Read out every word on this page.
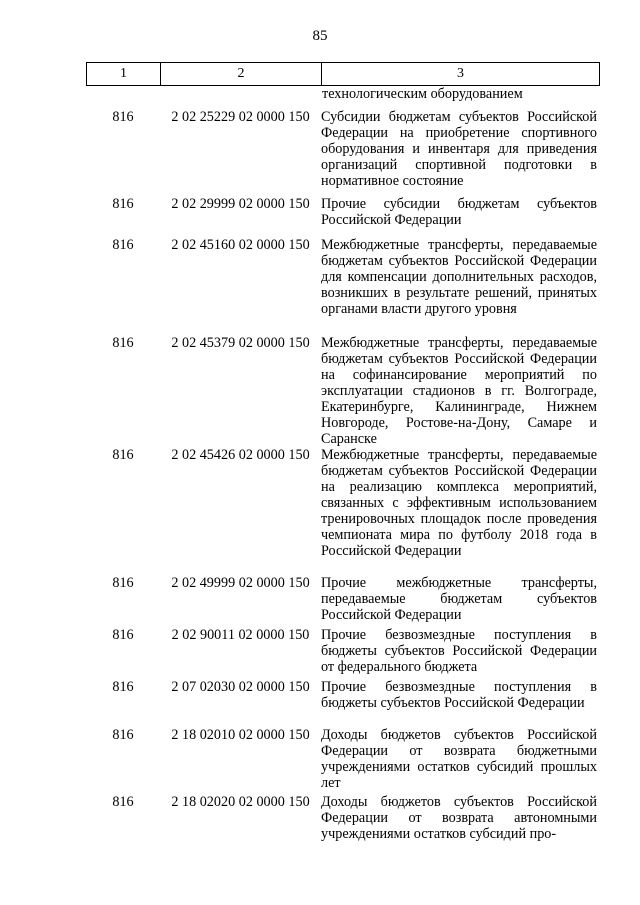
85
1	2	3
технологическим оборудованием
816	2 02 25229 02 0000 150 Субсидии бюджетам субъектов Российской Федерации на приобретение спортивного оборудования и инвентаря для приведения организаций спортивной подготовки в нормативное состояние
816	2 02 29999 02 0000 150 Прочие субсидии бюджетам субъектов Российской Федерации
816	2 02 45160 02 0000 150 Межбюджетные трансферты, передаваемые бюджетам субъектов Российской Федерации для компенсации дополнительных расходов, возникших в результате решений, принятых органами власти другого уровня
816	2 02 45379 02 0000 150 Межбюджетные трансферты, передаваемые бюджетам субъектов Российской Федерации на софинансирование мероприятий по эксплуатации стадионов в гг. Волгограде, Екатеринбурге, Калининграде, Нижнем Новгороде, Ростове-на-Дону, Самаре и Саранске
816	2 02 45426 02 0000 150 Межбюджетные трансферты, передаваемые бюджетам субъектов Российской Федерации на реализацию комплекса мероприятий, связанных с эффективным использованием тренировочных площадок после проведения чемпионата мира по футболу 2018 года в Российской Федерации
816	2 02 49999 02 0000 150 Прочие межбюджетные трансферты, передаваемые бюджетам субъектов Российской Федерации
816	2 02 90011 02 0000 150 Прочие безвозмездные поступления в бюджеты субъектов Российской Федерации от федерального бюджета
816	2 07 02030 02 0000 150 Прочие безвозмездные поступления в бюджеты субъектов Российской Федерации
816	2 18 02010 02 0000 150 Доходы бюджетов субъектов Российской Федерации от возврата бюджетными учреждениями остатков субсидий прошлых лет
816	2 18 02020 02 0000 150 Доходы бюджетов субъектов Российской Федерации от возврата автономными учреждениями остатков субсидий про-
